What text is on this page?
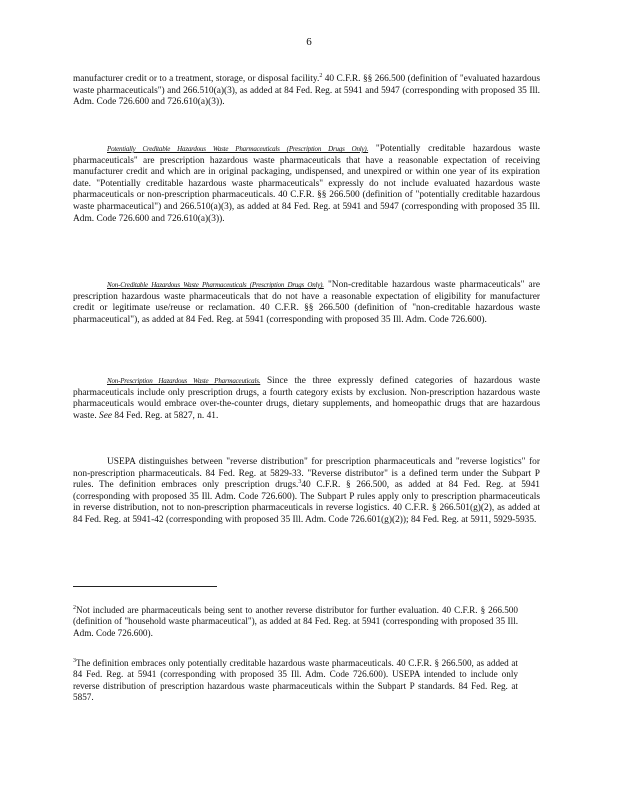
6

manufacturer credit or to a treatment, storage, or disposal facility.$^2$ 40 C.F.R. §§ 266.500 (definition of "evaluated hazardous waste pharmaceuticals") and 266.510(a)(3), as added at 84 Fed. Reg. at 5941 and 5947 (corresponding with proposed 35 Ill. Adm. Code 726.600 and 726.610(a)(3)).

Potentially Creditable Hazardous Waste Pharmaceuticals (Prescription Drugs Only). "Potentially creditable hazardous waste pharmaceuticals" are prescription hazardous waste pharmaceuticals that have a reasonable expectation of receiving manufacturer credit and which are in original packaging, undispensed, and unexpired or within one year of its expiration date. "Potentially creditable hazardous waste pharmaceuticals" expressly do not include evaluated hazardous waste pharmaceuticals or non-prescription pharmaceuticals. 40 C.F.R. §§ 266.500 (definition of "potentially creditable hazardous waste pharmaceutical") and 266.510(a)(3), as added at 84 Fed. Reg. at 5941 and 5947 (corresponding with proposed 35 Ill. Adm. Code 726.600 and 726.610(a)(3)).

Non-Creditable Hazardous Waste Pharmaceuticals (Prescription Drugs Only). "Non-creditable hazardous waste pharmaceuticals" are prescription hazardous waste pharmaceuticals that do not have a reasonable expectation of eligibility for manufacturer credit or legitimate use/reuse or reclamation. 40 C.F.R. §§ 266.500 (definition of "non-creditable hazardous waste pharmaceutical"), as added at 84 Fed. Reg. at 5941 (corresponding with proposed 35 Ill. Adm. Code 726.600).

Non-Prescription Hazardous Waste Pharmaceuticals. Since the three expressly defined categories of hazardous waste pharmaceuticals include only prescription drugs, a fourth category exists by exclusion. Non-prescription hazardous waste pharmaceuticals would embrace over-the-counter drugs, dietary supplements, and homeopathic drugs that are hazardous waste. See 84 Fed. Reg. at 5827, n. 41.

USEPA distinguishes between "reverse distribution" for prescription pharmaceuticals and "reverse logistics" for non-prescription pharmaceuticals. 84 Fed. Reg. at 5829-33. "Reverse distributor" is a defined term under the Subpart P rules. The definition embraces only prescription drugs.$^3$40 C.F.R. § 266.500, as added at 84 Fed. Reg. at 5941 (corresponding with proposed 35 Ill. Adm. Code 726.600). The Subpart P rules apply only to prescription pharmaceuticals in reverse distribution, not to non-prescription pharmaceuticals in reverse logistics. 40 C.F.R. § 266.501(g)(2), as added at 84 Fed. Reg. at 5941-42 (corresponding with proposed 35 Ill. Adm. Code 726.601(g)(2)); 84 Fed. Reg. at 5911, 5929-5935.

$^2$Not included are pharmaceuticals being sent to another reverse distributor for further evaluation. 40 C.F.R. § 266.500 (definition of "household waste pharmaceutical"), as added at 84 Fed. Reg. at 5941 (corresponding with proposed 35 Ill. Adm. Code 726.600).

$^3$The definition embraces only potentially creditable hazardous waste pharmaceuticals. 40 C.F.R. § 266.500, as added at 84 Fed. Reg. at 5941 (corresponding with proposed 35 Ill. Adm. Code 726.600). USEPA intended to include only reverse distribution of prescription hazardous waste pharmaceuticals within the Subpart P standards. 84 Fed. Reg. at 5857.
